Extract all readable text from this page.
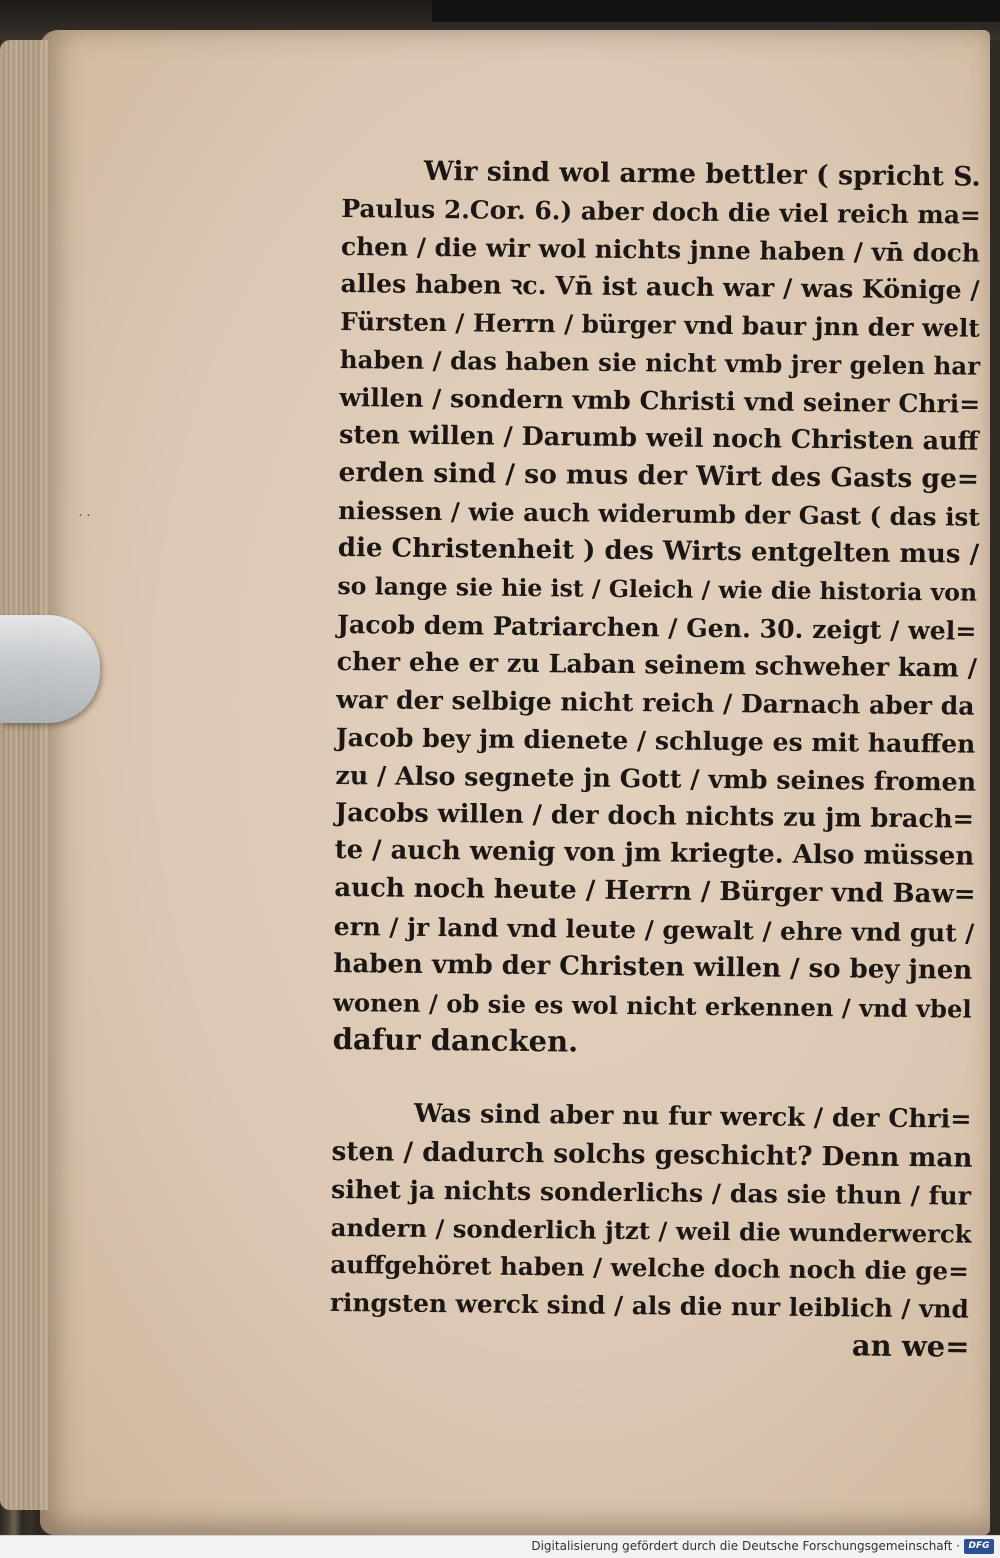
˙˙
Wir sind wol arme bettler ( spricht S.
Paulus 2.Cor. 6.) aber doch die viel reich ma=
chen / die wir wol nichts jnne haben / vn̄ doch
alles haben ꝛc. Vn̄ ist auch war / was Könige /
Fürsten / Herrn / bürger vnd baur jnn der welt
haben / das haben sie nicht vmb jrer gelen har
willen / sondern vmb Christi vnd seiner Chri=
sten willen / Darumb weil noch Christen auff
erden sind / so mus der Wirt des Gasts ge=
niessen / wie auch widerumb der Gast ( das ist
die Christenheit ) des Wirts entgelten mus /
so lange sie hie ist / Gleich / wie die historia von
Jacob dem Patriarchen / Gen. 30. zeigt / wel=
cher ehe er zu Laban seinem schweher kam /
war der selbige nicht reich / Darnach aber da
Jacob bey jm dienete / schluge es mit hauffen
zu / Also segnete jn Gott / vmb seines fromen
Jacobs willen / der doch nichts zu jm brach=
te / auch wenig von jm kriegte. Also müssen
auch noch heute / Herrn / Bürger vnd Baw=
ern / jr land vnd leute / gewalt / ehre vnd gut /
haben vmb der Christen willen / so bey jnen
wonen / ob sie es wol nicht erkennen / vnd vbel
dafur dancken.
Was sind aber nu fur werck / der Chri=
sten / dadurch solchs geschicht? Denn man
sihet ja nichts sonderlichs / das sie thun / fur
andern / sonderlich jtzt / weil die wunderwerck
auffgehöret haben / welche doch noch die ge=
ringsten werck sind / als die nur leiblich / vnd
an we=
Digitalisierung gefördert durch die Deutsche Forschungsgemeinschaft · DFG
